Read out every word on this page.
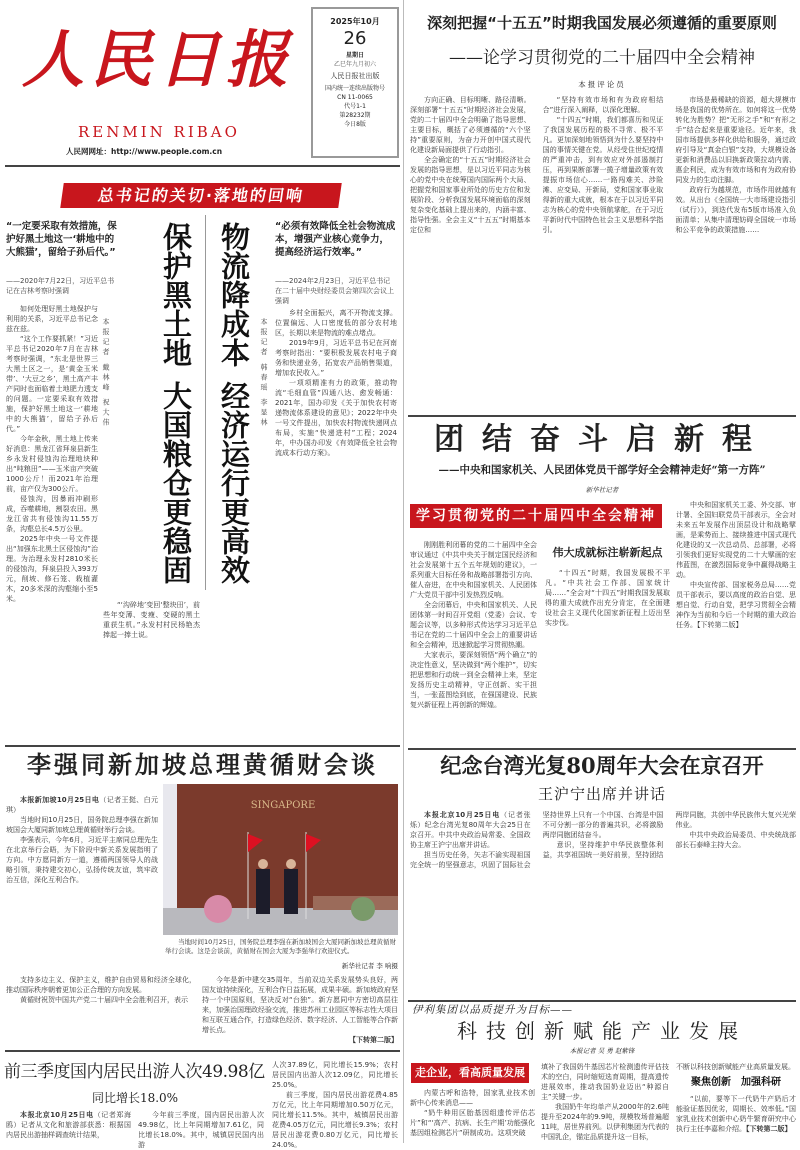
人民日报
RENMIN RIBAO
人民网网址：http://www.people.com.cn
2025年10月
26
星期日
乙巳年九月初六
人民日报社出版
国内统一连续出版物号
CN 11-0065
代号1-1
第28232期
今日8版
总书记的关切·落地的回响
“一定要采取有效措施，保护好黑土地这一‘耕地中的大熊猫’，留给子孙后代。”
——2020年7月22日，习近平总书记在吉林考察时强调

如何处理好黑土地保护与利用的关系，习近平总书记念兹在兹。

“这个工作要抓紧！”习近平总书记2020年7月在吉林考察时强调，“东北是世界三大黑土区之一，是‘黄金玉米带’、‘大豆之乡’，黑土高产丰产同时也面临着土地肥力透支的问题。一定要采取有效措施，保护好黑土地这一‘耕地中的大熊猫’，留给子孙后代。”

今年金秋，黑土地上传来好消息：黑龙江省拜泉县新生乡永发村侵蚀沟治理地块种出“吨粮田”——玉米亩产突破1000公斤！而2021年治理前，亩产仅为300公斤。

侵蚀沟，因暴雨冲刷形成，吞噬耕地，割裂农田。黑龙江省共有侵蚀沟11.55万条，沟壑总长4.5万公里。

2025年中央一号文件提出“加强东北黑土区侵蚀沟”治理。为治理永发村2810米长的侵蚀沟，拜泉县投入393万元，削坡、修石笼、栽植灌木，20多米深的沟壑缩小至5米。

“‘沟碎地’变回‘整块田’，前些年变薄、变瘦、变硬的黑土重获生机。”永发村村民杨艳杰捧起一捧土说。

本报记者 戴林峰 祝大伟
保护黑土地大国粮仓更稳固
物流降成本经济运行更高效
本报记者 韩春瑶 李显林
“必须有效降低全社会物流成本，增强产业核心竞争力，提高经济运行效率。”
——2024年2月23日，习近平总书记在二十届中央财经委员会第四次会议上强调

乡村全面振兴，离不开物流支撑。位置偏远、人口密度低的部分农村地区，长期以来是物流的难点堵点。

2019年9月，习近平总书记在河南考察时指出：“要积极发展农村电子商务和快递业务，拓宽农产品销售渠道，增加农民收入。”

一项项精准有力的政策，推动物流“毛细血管”四通八达、愈发畅通：2021年，国办印发《关于加快农村寄递物流体系建设的意见》；2022年中央一号文件提出，加快农村物流快递网点布局，实施“快递进村”工程；2024年，中办国办印发《有效降低全社会物流成本行动方案》。

李强同新加坡总理黄循财会谈

本报新加坡10月25日电（记者王挺、白元琪）

当地时间10月25日，国务院总理李强在新加坡国会大厦同新加坡总理黄循财举行会谈。

李强表示，今年6月，习近平主席同总理先生在北京举行会晤，为下阶段中新关系发展指明了方向。中方愿同新方一道，遵循两国领导人的战略引领，秉持建交初心，弘扬传统友谊，筑牢政治互信，深化互利合作。

支持多边主义、保护主义，维护自由贸易和经济全球化，推动国际秩序朝着更加公正合理的方向发展。

黄循财祝贺中国共产党二十届四中全会胜利召开，表示

今年是新中建交35周年，当前双边关系发展势头良好，两国友谊持续深化，互利合作日益拓展，成果丰硕。新加坡政府坚持一个中国原则，坚决反对“台独”。新方愿同中方密切高层往来，加强治国理政经验交流，推进苏州工业园区等标志性大项目和互联互通合作，打造绿色经济、数字经济、人工智能等合作新增长点。

【下转第二版】
SINGAPORE
当地时间10月25日，国务院总理李强在新加坡国会大厦同新加坡总理黄循财举行会谈。这是会谈前，黄循财在国会大厦为李强举行欢迎仪式。
新华社记者 李 响摄
前三季度国内居民出游人次49.98亿
同比增长18.0%

本报北京10月25日电（记者郑海鸥）记者从文化和旅游部获悉：根据国内居民出游抽样调查统计结果，

今年前三季度，国内居民出游人次49.98亿，比上年同期增加7.61亿，同比增长18.0%。其中，城镇居民国内出游

人次37.89亿，同比增长15.9%；农村居民国内出游人次12.09亿，同比增长25.0%。

前三季度，国内居民出游花费4.85万亿元，比上年同期增加0.50万亿元，同比增长11.5%。其中，城镇居民出游花费4.05万亿元，同比增长9.3%；农村居民出游花费0.80万亿元，同比增长24.0%。

深刻把握“十五五”时期我国发展必须遵循的重要原则
——论学习贯彻党的二十届四中全会精神
本报评论员

方向正确、目标明晰、路径清晰。深刻部署“十五五”时期经济社会发展，党的二十届四中全会明确了指导思想、主要目标，概括了必须遵循的“六个坚持”重要原则，为奋力开创中国式现代化建设新局面提供了行动指引。

全会确定的“十五五”时期经济社会发展的指导思想，是以习近平同志为核心的党中央在统筹国内国际两个大局、把握党和国家事业所处的历史方位和发展阶段、分析我国发展环境面临的深刻复杂变化基础上提出来的，内涵丰富、指导性强。全会主义“十五五”时期基本定位和

“坚持有效市场和有为政府相结合”进行深入阐释，以深化理解。

“十四五”时期，我们都喜历和见证了我国发展历程的极不寻常、极不平凡。更加深刻地领悟到为什么要坚持中国的事情关键在党。从经受住世纪疫情的严重冲击，到有效应对外部遏制打压，再到果断部署一揽子增量政策有效提振市场信心……一路闯难关、涉险滩、应变局、开新局，党和国家事业取得新的重大成就，根本在于以习近平同志为核心的党中央领航掌舵，在于习近平新时代中国特色社会主义思想科学指引。

市场是最稀缺的资源，超大规模市场是我国的优势所在。如何将这一优势转化为胜势？把“无形之手”和“有形之手”结合起来是重要途径。近年来，我国市场提供多样化供给和服务，通过政府引导及“真金白银”支持，大规模设备更新和消费品以旧换新政策拉动内需、惠企利民，成为有效市场和有为政府协同发力的生动注脚。

政府行为越规范，市场作用就越有效。从出台《全国统一大市场建设指引（试行）》，到迭代发布5版市场准入负面清单；从集中清理妨碍全国统一市场和公平竞争的政策措施……

团结奋斗启新程
——中央和国家机关、人民团体党员干部学好全会精神走好“第一方阵”
新华社记者
学习贯彻党的二十届四中全会精神

刚刚胜利闭幕的党的二十届四中全会审议通过《中共中央关于制定国民经济和社会发展第十五个五年规划的建议》，一系列重大目标任务和战略部署指引方向、催人奋进，在中央和国家机关、人民团体广大党员干部中引发热烈反响。

全会闭幕后，中央和国家机关、人民团体第一时间召开党组（党委）会议、专题会议等，以多种形式传达学习习近平总书记在党的二十届四中全会上的重要讲话和全会精神，迅速掀起学习贯彻热潮。

大家表示，要深刻领悟“两个确立”的决定性意义，坚决做到“两个维护”，切实把思想和行动统一到全会精神上来，坚定发扬历史主动精神，守正创新、实干担当，一张蓝图绘到底，在强国建设、民族复兴新征程上再创新的辉煌。

伟大成就标注崭新起点

“十四五”时期，我国发展极不平凡。“中共社会工作部、国家统计局……”全会对“十四五”时期我国发展取得的重大成就作出充分肯定，在全面建设社会主义现代化国家新征程上迈出坚实步伐。

中央和国家机关工委、外交部、审计署、全国妇联党员干部表示，全会对未来五年发展作出顶层设计和战略擘画，是乘势而上、接续推进中国式现代化建设的又一次总动员、总部署，必将引领我们更好实现党的二十大擘画的宏伟蓝图，在激烈国际竞争中赢得战略主动。

中央宣传部、国家税务总局……党员干部表示，要以高度的政治自觉、思想自觉、行动自觉，把学习贯彻全会精神作为当前和今后一个时期的重大政治任务。【下转第二版】

纪念台湾光复80周年大会在京召开
王沪宁出席并讲话

本报北京10月25日电（记者张烁）纪念台湾光复80周年大会25日在京召开。中共中央政治局常委、全国政协主席王沪宁出席并讲话。

担当历史任务，矢志不渝实现祖国完全统一的坚强意志，巩固了国际社会坚持世界上只有一个中国、台湾是中国不可分割一部分的普遍共识，必将激励两岸同胞团结奋斗。

意识，坚持维护中华民族整体利益，共享祖国统一美好前景，坚持团结两岸同胞，共创中华民族伟大复兴光荣伟业。

中共中央政治局委员、中央统战部部长石泰峰主持大会。

伊利集团以品质提升为目标——
科技创新赋能产业发展
本报记者 吴 勇 赵紫锋
走企业，看高质量发展

内蒙古呼和浩特，国家乳业技术创新中心传来消息——

“奶牛种用区胎基因组遗传评估芯片”和“‘高产、抗病、长生产期’功能强化基因组检测芯片”研制成功。这项突破

填补了我国奶牛基因芯片检测遗传评估技术的空白，同时缩短选育周期，提高遗传进展效率，推动我国奶业迈出“种源自主”关键一步。

我国奶牛年均单产从2000年的2.6吨提升至2024年的9.9吨，规模牧场普遍超11吨，居世界前列。以伊利集团为代表的中国乳企，锚定品质提升这一目标，

不断以科技创新赋能产业高质量发展。
聚焦创新　加强科研

“以前，要等下一代奶牛产奶后才能验证基因优劣，周期长、效率低。”国家乳业技术创新中心奶牛繁育研究中心执行主任李嘉和介绍。【下转第二版】
